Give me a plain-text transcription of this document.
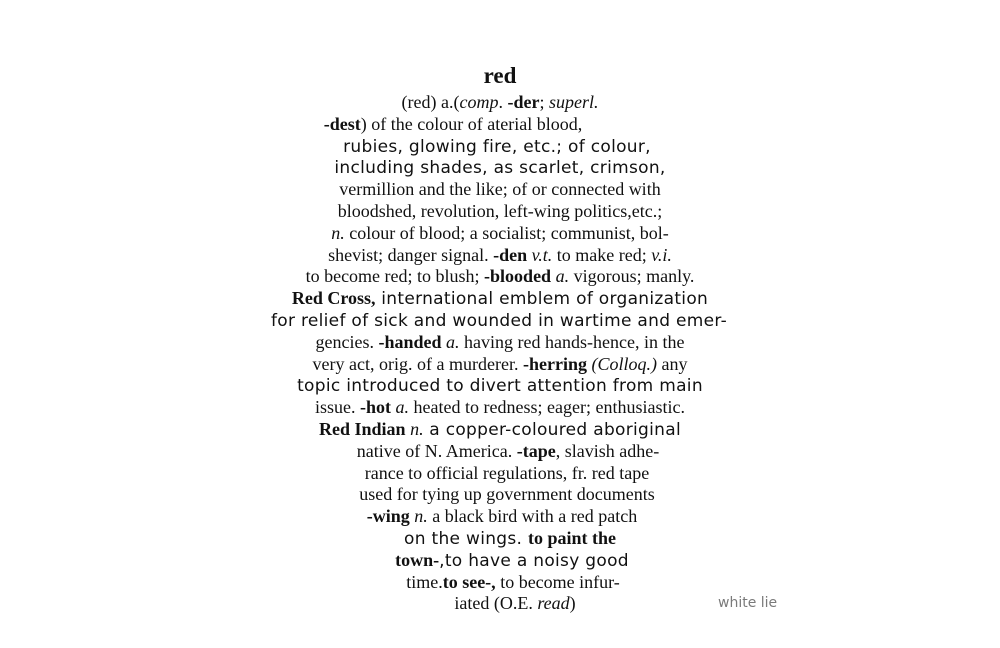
red
(red) a.(comp. -der; superl.
-dest) of the colour of aterial blood,
rubies, glowing fire, etc.; of colour,
including shades, as scarlet, crimson,
vermillion and the like; of or connected with
bloodshed, revolution, left-wing politics,etc.;
n. colour of blood; a socialist; communist, bol-
shevist; danger signal. -den v.t. to make red; v.i.
to become red; to blush; -blooded a. vigorous; manly.
Red Cross, international emblem of organization
for relief of sick and wounded in wartime and emer-
gencies. -handed a. having red hands-hence, in the
very act, orig. of a murderer. -herring (Colloq.) any
topic introduced to divert attention from main
issue. -hot a. heated to redness; eager; enthusiastic.
Red Indian n. a copper-coloured aboriginal
native of N. America. -tape, slavish adhe-
rance to official regulations, fr. red tape
used for tying up government documents
-wing n. a black bird with a red patch
on the wings. to paint the
town-,to have a noisy good
time.to see-, to become infur-
iated (O.E. read)	white lie
